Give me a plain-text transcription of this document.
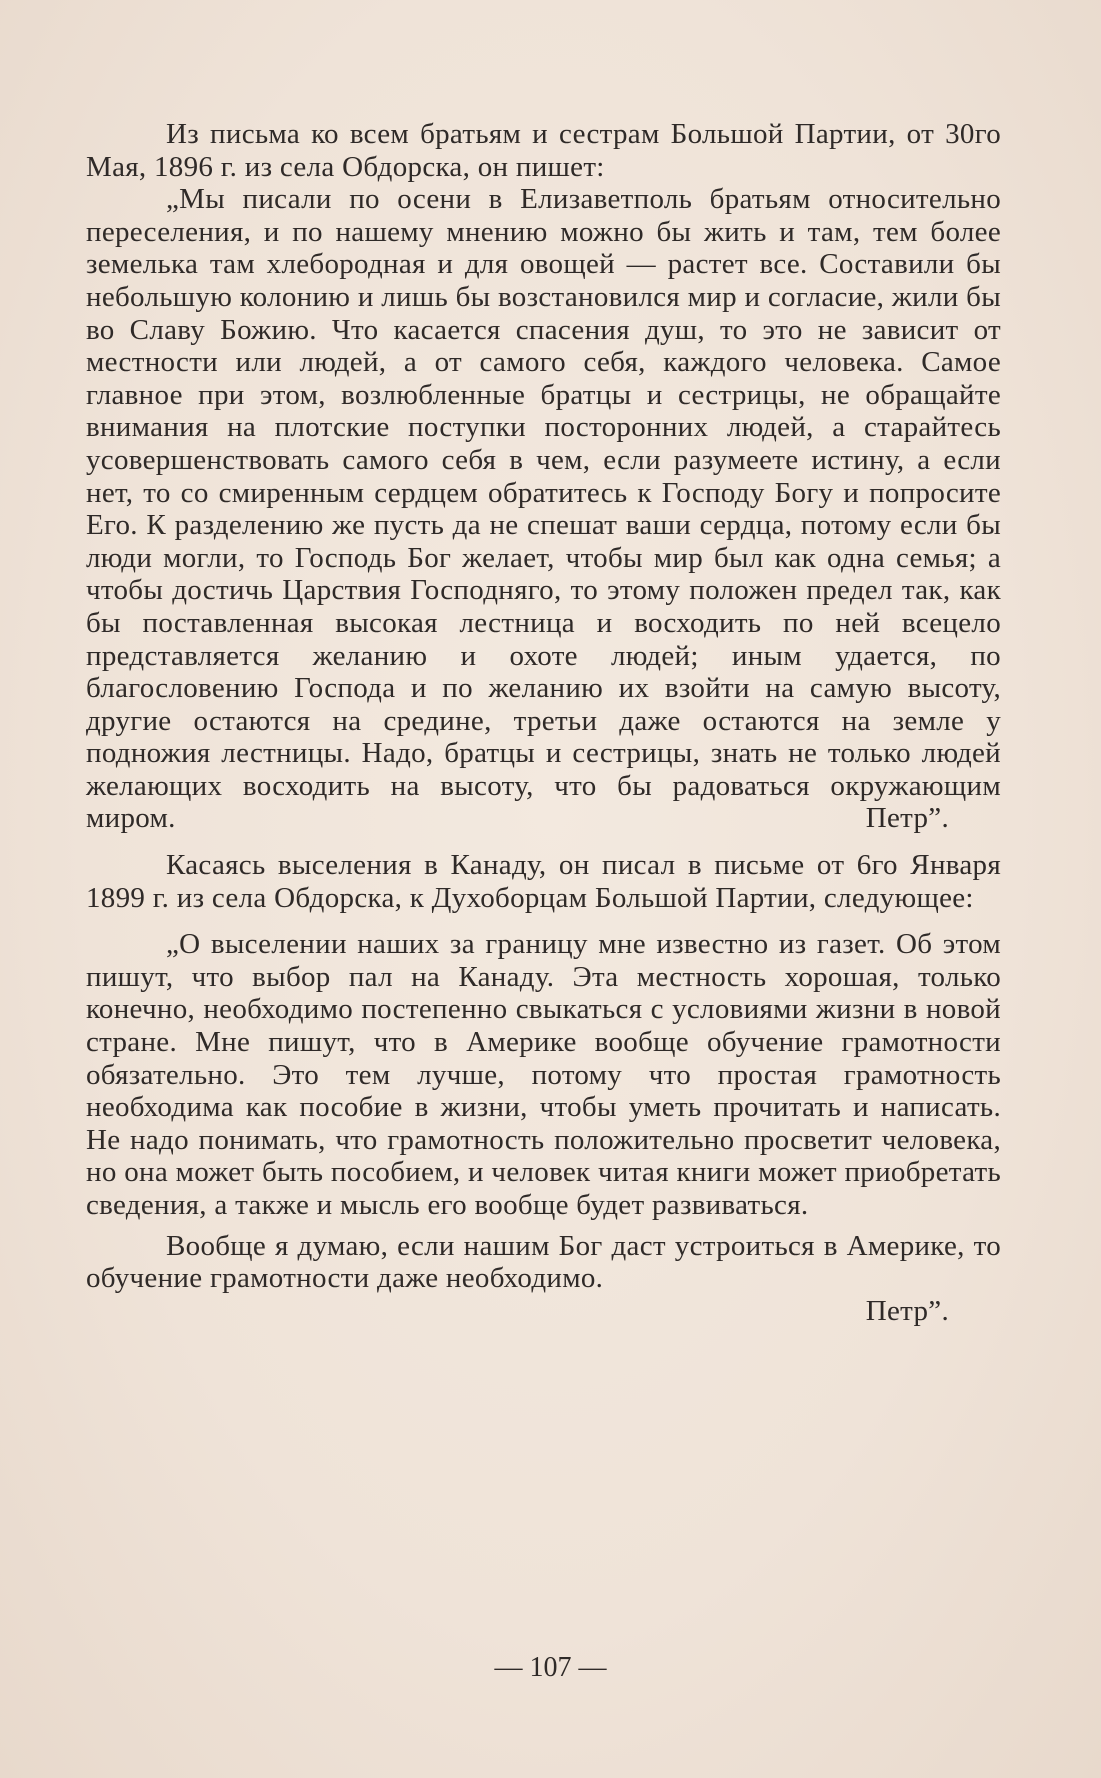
Из письма ко всем братьям и сестрам Большой Партии, от 30го Мая, 1896 г. из села Обдорска, он пишет:

„Мы писали по осени в Елизаветполь братьям относительно переселения, и по нашему мнению можно бы жить и там, тем более земелька там хлебородная и для овощей — растет все. Составили бы небольшую колонию и лишь бы возстановился мир и согласие, жили бы во Славу Божию. Что касается спасения душ, то это не зависит от местности или людей, а от самого себя, каждого человека. Самое главное при этом, возлюбленные братцы и сестрицы, не обращайте внимания на плотские поступки посторонних людей, а старайтесь усовершенствовать самого себя в чем, если разумеете истину, а если нет, то со смиренным сердцем обратитесь к Господу Богу и попросите Его. К разделению же пусть да не спешат ваши сердца, потому если бы люди могли, то Господь Бог желает, чтобы мир был как одна семья; а чтобы достичь Царствия Господняго, то этому положен предел так, как бы поставленная высокая лестница и восходить по ней всецело представляется желанию и охоте людей; иным удается, по благословению Господа и по желанию их взойти на самую высоту, другие остаются на средине, третьи даже остаются на земле у подножия лестницы. Надо, братцы и сестрицы, знать не только людей желающих восходить на высоту, что бы радоваться окружающим миром.	Петр”.

Касаясь выселения в Канаду, он писал в письме от 6го Января 1899 г. из села Обдорска, к Духоборцам Большой Партии, следующее:

„О выселении наших за границу мне известно из газет. Об этом пишут, что выбор пал на Канаду. Эта местность хорошая, только конечно, необходимо постепенно свыкаться с условиями жизни в новой стране. Мне пишут, что в Америке вообще обучение грамотности обязательно. Это тем лучше, потому что простая грамотность необходима как пособие в жизни, чтобы уметь прочитать и написать. Не надо понимать, что грамотность положительно просветит человека, но она может быть пособием, и человек читая книги может приобретать сведения, а также и мысль его вообще будет развиваться.

Вообще я думаю, если нашим Бог даст устроиться в Америке, то обучение грамотности даже необходимо.

Петр”.

— 107 —
